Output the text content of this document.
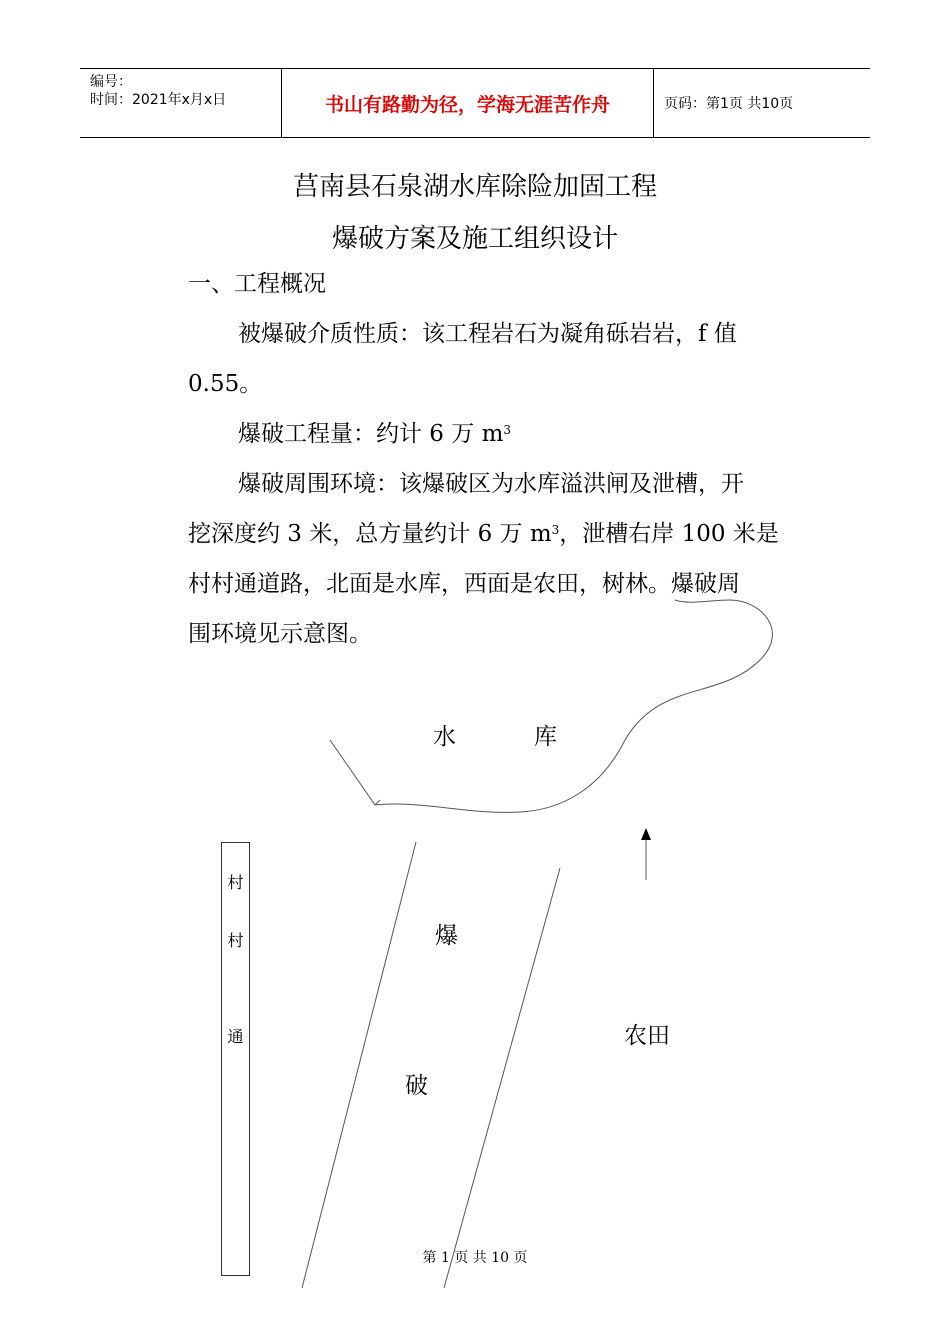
编号：
时间：2021年x月x日	书山有路勤为径，学海无涯苦作舟	页码：第1页 共10页
莒南县石泉湖水库除险加固工程
爆破方案及施工组织设计
一、工程概况
被爆破介质性质：该工程岩石为凝角砾岩岩，f 值
0.55。
爆破工程量：约计 6 万 $m^3$
爆破周围环境：该爆破区为水库溢洪闸及泄槽，开
挖深度约 3 米，总方量约计 6 万 $m^3$，泄槽右岸 100 米是
村村通道路，北面是水库，西面是农田，树林。爆破周
围环境见示意图。
水	库
爆
破
农田
村
村
通
第 1 页 共 10 页
